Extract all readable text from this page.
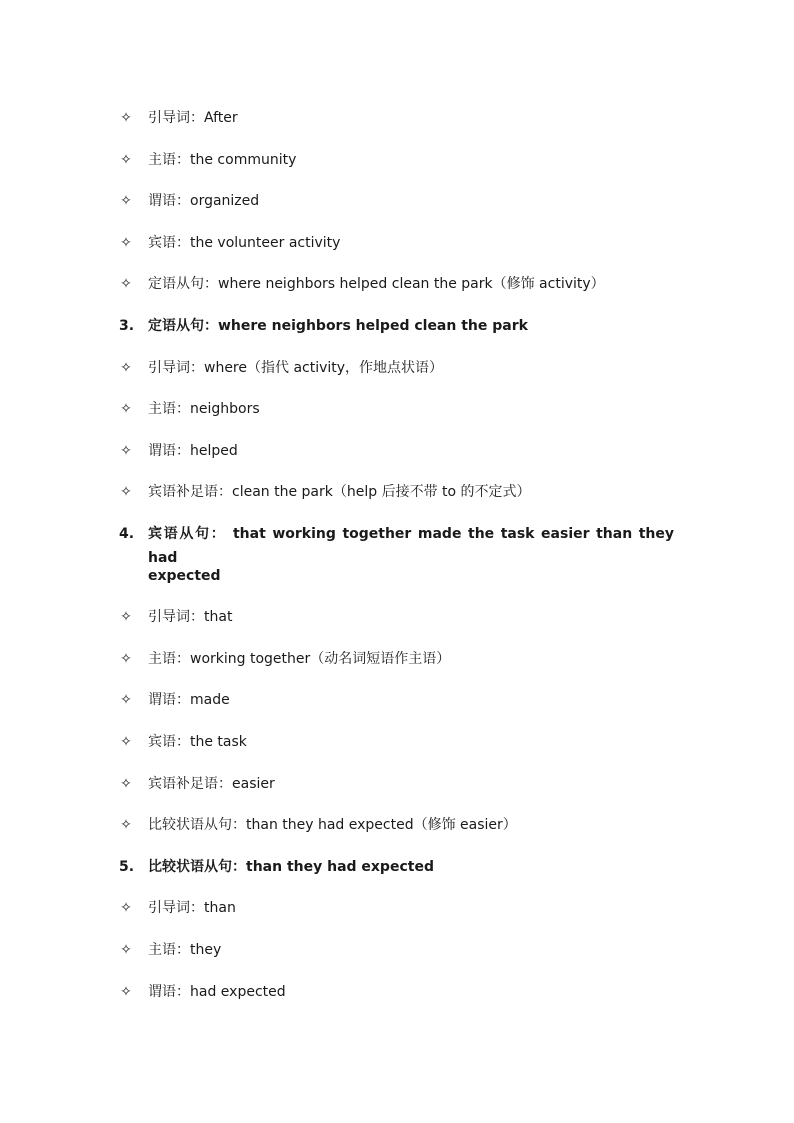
✧ 引导词：After
✧ 主语：the community
✧ 谓语：organized
✧ 宾语：the volunteer activity
✧ 定语从句：where neighbors helped clean the park（修饰 activity）
3. 定语从句：where neighbors helped clean the park
✧ 引导词：where（指代 activity，作地点状语）
✧ 主语：neighbors
✧ 谓语：helped
✧ 宾语补足语：clean the park（help 后接不带 to 的不定式）
4. 宾语从句： that working together made the task easier than they had
expected
✧ 引导词：that
✧ 主语：working together（动名词短语作主语）
✧ 谓语：made
✧ 宾语：the task
✧ 宾语补足语：easier
✧ 比较状语从句：than they had expected（修饰 easier）
5. 比较状语从句：than they had expected
✧ 引导词：than
✧ 主语：they
✧ 谓语：had expected
